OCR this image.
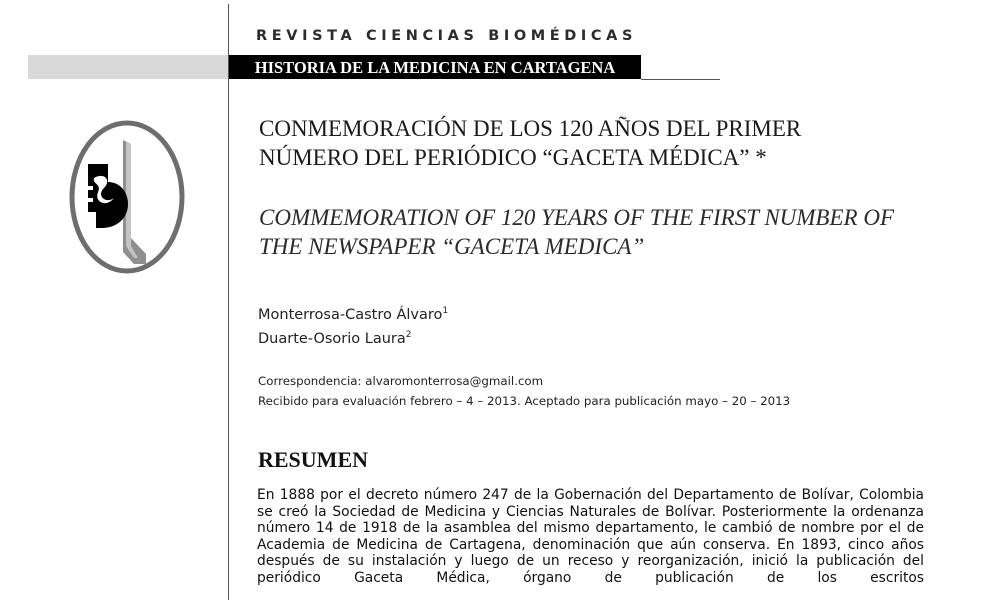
REVISTA CIENCIAS BIOMÉDICAS
HISTORIA DE LA MEDICINA EN CARTAGENA
CONMEMORACIÓN DE LOS 120 AÑOS DEL PRIMER
NÚMERO DEL PERIÓDICO “GACETA MÉDICA” *
COMMEMORATION OF 120 YEARS OF THE FIRST NUMBER OF
THE NEWSPAPER “GACETA MEDICA”
Monterrosa-Castro Álvaro$^1$
Duarte-Osorio Laura$^2$
Correspondencia: alvaromonterrosa@gmail.com
Recibido para evaluación febrero – 4 – 2013. Aceptado para publicación mayo – 20 – 2013
RESUMEN

En 1888 por el decreto número 247 de la Gobernación del Departamento de Bolívar, Colombia se creó la Sociedad de Medicina y Ciencias Naturales de Bolívar. Posteriormente la ordenanza número 14 de 1918 de la asamblea del mismo departamento, le cambió de nombre por el de Academia de Medicina de Cartagena, denominación que aún conserva. En 1893, cinco años después de su instalación y luego de un receso y reorganización, inició la publicación del periódico Gaceta Médica, órgano de publicación de los escritos
